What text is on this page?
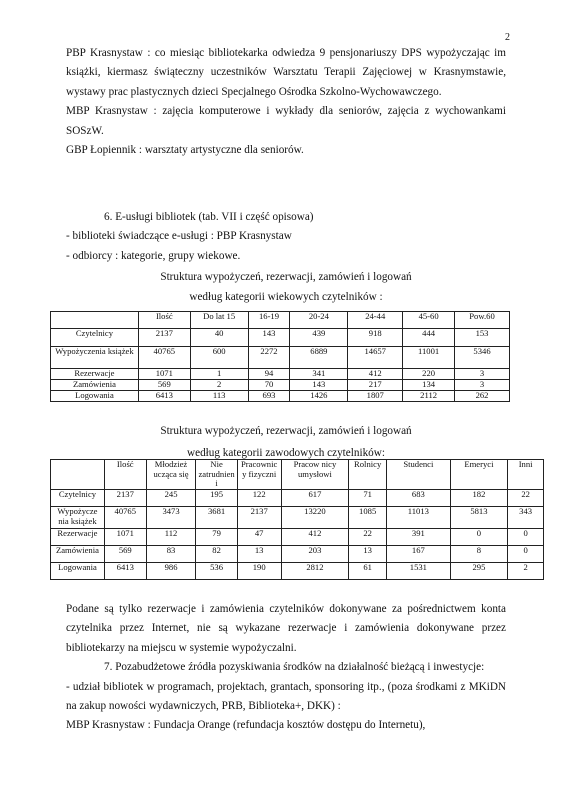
2

PBP Krasnystaw : co miesiąc bibliotekarka odwiedza 9 pensjonariuszy DPS wypożyczając im książki, kiermasz świąteczny uczestników Warsztatu Terapii Zajęciowej w Krasnymstawie, wystawy prac plastycznych dzieci Specjalnego Ośrodka Szkolno-Wychowawczego.

MBP Krasnystaw : zajęcia komputerowe i wykłady dla seniorów, zajęcia z wychowankami SOSzW.

GBP Łopiennik : warsztaty artystyczne dla seniorów.

6. E-usługi bibliotek (tab. VII i część opisowa)

- biblioteki świadczące e-usługi : PBP Krasnystaw

- odbiorcy : kategorie, grupy wiekowe.

Struktura wypożyczeń, rezerwacji, zamówień i logowań
według kategorii wiekowych czytelników :
	Ilość	Do lat 15	16-19	20-24	24-44	45-60	Pow.60
Czytelnicy	2137	40	143	439	918	444	153
Wypożyczenia książek	40765	600	2272	6889	14657	11001	5346
Rezerwacje	1071	1	94	341	412	220	3
Zamówienia	569	2	70	143	217	134	3
Logowania	6413	113	693	1426	1807	2112	262
Struktura wypożyczeń, rezerwacji, zamówień i logowań
według kategorii zawodowych czytelników:
	Ilość	Młodzież ucząca się	Nie zatrudnien i	Pracownic y fizyczni	Pracow nicy umysłowi	Rolnicy	Studenci	Emeryci	Inni
Czytelnicy	2137	245	195	122	617	71	683	182	22
Wypożycze nia książek	40765	3473	3681	2137	13220	1085	11013	5813	343
Rezerwacje	1071	112	79	47	412	22	391	0	0
Zamówienia	569	83	82	13	203	13	167	8	0
Logowania	6413	986	536	190	2812	61	1531	295	2

Podane są tylko rezerwacje i zamówienia czytelników dokonywane za pośrednictwem konta czytelnika przez Internet, nie są wykazane rezerwacje i zamówienia dokonywane przez bibliotekarzy na miejscu w systemie wypożyczalni.

7. Pozabudżetowe źródła pozyskiwania środków na działalność bieżącą i inwestycje:

- udział bibliotek w programach, projektach, grantach, sponsoring itp., (poza środkami z MKiDN na zakup nowości wydawniczych, PRB, Biblioteka+, DKK) :

MBP Krasnystaw : Fundacja Orange (refundacja kosztów dostępu do Internetu),
